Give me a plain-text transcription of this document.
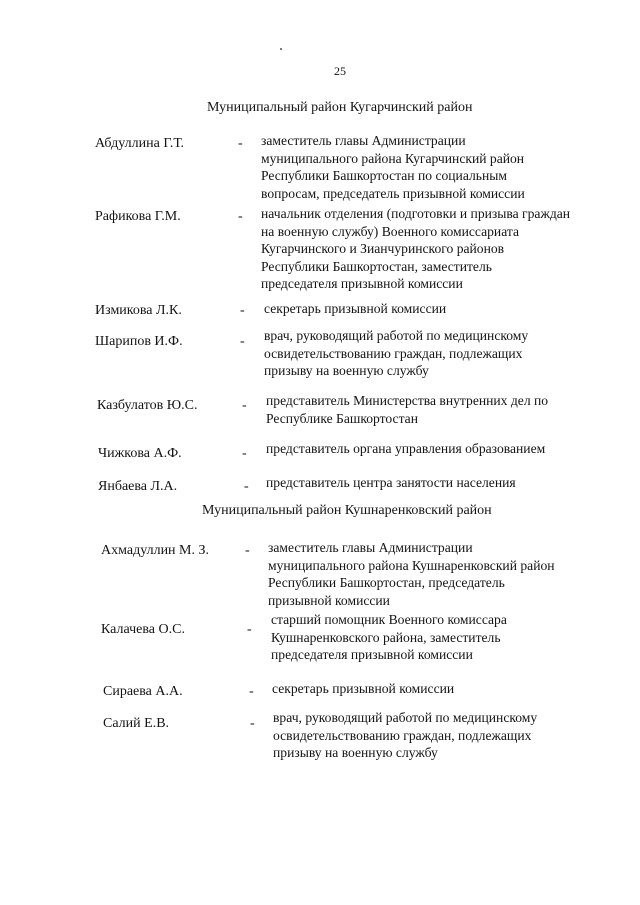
25
Муниципальный район Кугарчинский район
Абдуллина Г.Т.	- заместитель главы Администрации
муниципального района Кугарчинский район
Республики Башкортостан по социальным
вопросам, председатель призывной комиссии
Рафикова Г.М.	- начальник отделения (подготовки и призыва граждан
на военную службу) Военного комиссариата
Кугарчинского и Зианчуринского районов
Республики Башкортостан, заместитель
председателя призывной комиссии
Измикова Л.К.	- секретарь призывной комиссии
Шарипов И.Ф.	- врач, руководящий работой по медицинскому
освидетельствованию граждан, подлежащих
призыву на военную службу
Казбулатов Ю.С.	- представитель Министерства внутренних дел по
Республике Башкортостан
Чижкова А.Ф.	- представитель органа управления образованием
Янбаева Л.А.	- представитель центра занятости населения
Муниципальный район Кушнаренковский район
Ахмадуллин М. З.	- заместитель главы Администрации
муниципального района Кушнаренковский район
Республики Башкортостан, председатель
призывной комиссии
Калачева О.С.	-
старший помощник Военного комиссара
Кушнаренковского района, заместитель
председателя призывной комиссии
Сираева А.А.	- секретарь призывной комиссии
Салий Е.В.	- врач, руководящий работой по медицинскому
освидетельствованию граждан, подлежащих
призыву на военную службу
